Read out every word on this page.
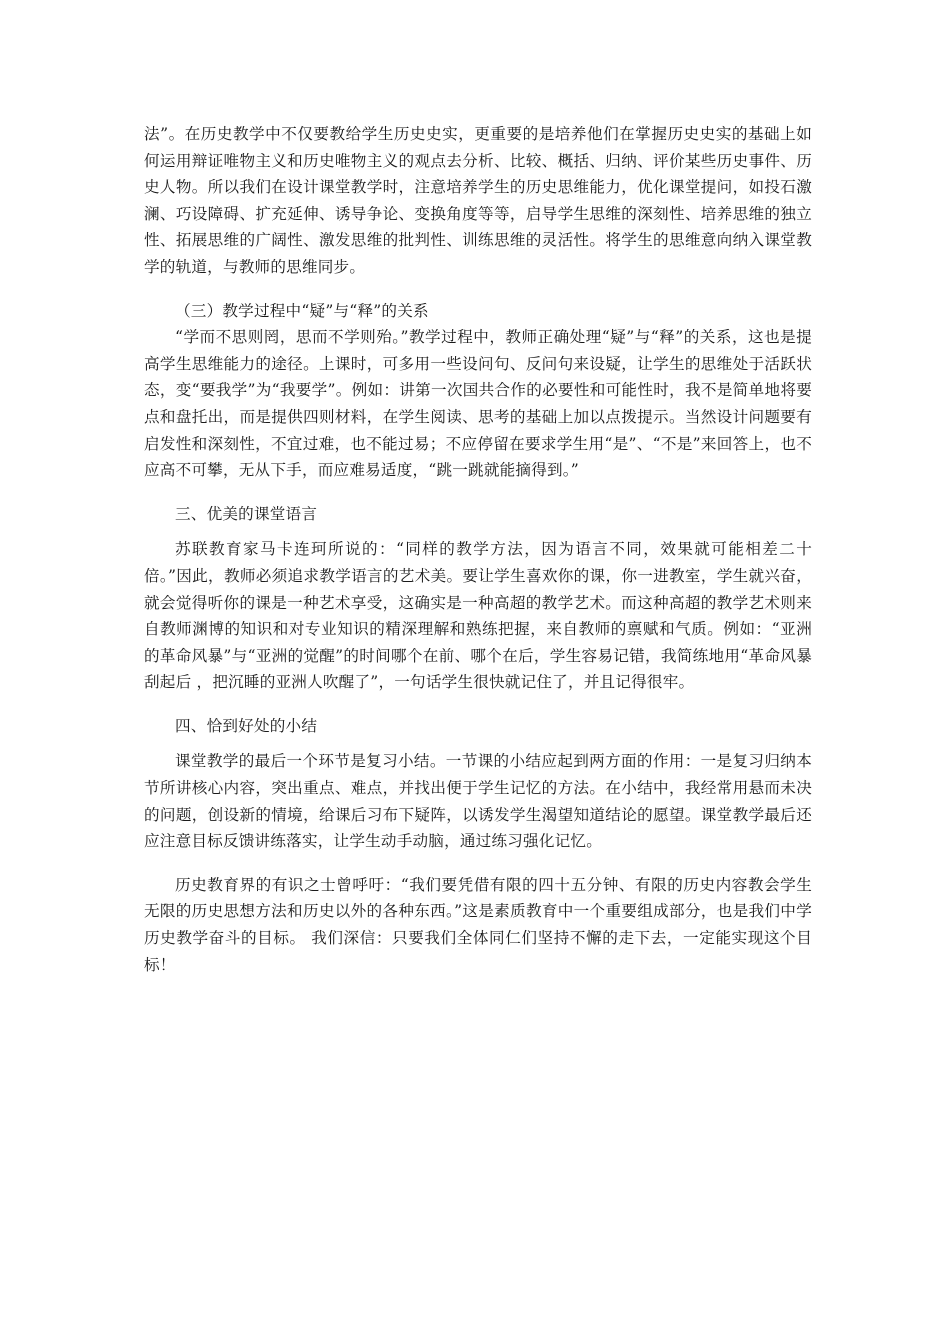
法”。在历史教学中不仅要教给学生历史史实，更重要的是培养他们在掌握历史史实的基础上如何运用辩证唯物主义和历史唯物主义的观点去分析、比较、概括、归纳、评价某些历史事件、历史人物。所以我们在设计课堂教学时，注意培养学生的历史思维能力，优化课堂提问，如投石激澜、巧设障碍、扩充延伸、诱导争论、变换角度等等，启导学生思维的深刻性、培养思维的独立性、拓展思维的广阔性、激发思维的批判性、训练思维的灵活性。将学生的思维意向纳入课堂教学的轨道，与教师的思维同步。

（三）教学过程中“疑”与“释”的关系

“学而不思则罔，思而不学则殆。”教学过程中，教师正确处理“疑”与“释”的关系，这也是提高学生思维能力的途径。上课时，可多用一些设问句、反问句来设疑，让学生的思维处于活跃状态，变“要我学”为“我要学”。例如：讲第一次国共合作的必要性和可能性时，我不是简单地将要点和盘托出，而是提供四则材料，在学生阅读、思考的基础上加以点拨提示。当然设计问题要有启发性和深刻性，不宜过难，也不能过易；不应停留在要求学生用“是”、“不是”来回答上，也不应高不可攀，无从下手，而应难易适度，“跳一跳就能摘得到。”

三、优美的课堂语言

苏联教育家马卡连珂所说的：“同样的教学方法，因为语言不同，效果就可能相差二十倍。”因此，教师必须追求教学语言的艺术美。要让学生喜欢你的课，你一进教室，学生就兴奋，就会觉得听你的课是一种艺术享受，这确实是一种高超的教学艺术。而这种高超的教学艺术则来自教师渊博的知识和对专业知识的精深理解和熟练把握，来自教师的禀赋和气质。例如：“亚洲的革命风暴”与“亚洲的觉醒”的时间哪个在前、哪个在后，学生容易记错，我简练地用“革命风暴刮起后 ，把沉睡的亚洲人吹醒了”，一句话学生很快就记住了，并且记得很牢。

四、恰到好处的小结

课堂教学的最后一个环节是复习小结。一节课的小结应起到两方面的作用：一是复习归纳本节所讲核心内容，突出重点、难点，并找出便于学生记忆的方法。在小结中，我经常用悬而未决的问题，创设新的情境，给课后习布下疑阵，以诱发学生渴望知道结论的愿望。课堂教学最后还应注意目标反馈讲练落实，让学生动手动脑，通过练习强化记忆。

历史教育界的有识之士曾呼吁：“我们要凭借有限的四十五分钟、有限的历史内容教会学生无限的历史思想方法和历史以外的各种东西。”这是素质教育中一个重要组成部分，也是我们中学历史教学奋斗的目标。 我们深信：只要我们全体同仁们坚持不懈的走下去，一定能实现这个目标！
